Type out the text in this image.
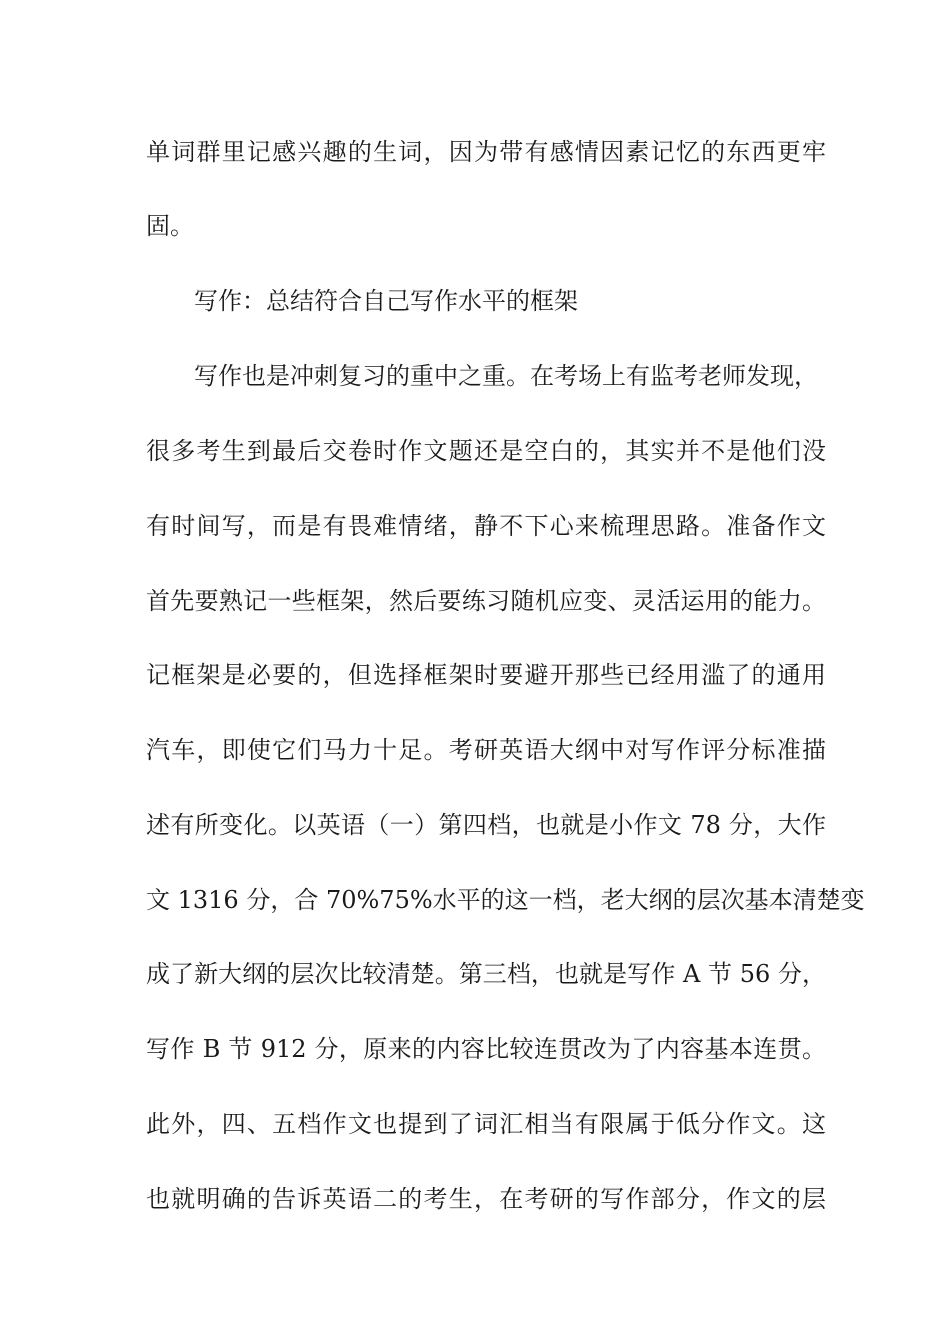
单词群里记感兴趣的生词，因为带有感情因素记忆的东西更牢
固。
写作：总结符合自己写作水平的框架
写作也是冲刺复习的重中之重。在考场上有监考老师发现，
很多考生到最后交卷时作文题还是空白的，其实并不是他们没
有时间写，而是有畏难情绪，静不下心来梳理思路。准备作文
首先要熟记一些框架，然后要练习随机应变、灵活运用的能力。
记框架是必要的，但选择框架时要避开那些已经用滥了的通用
汽车，即使它们马力十足。考研英语大纲中对写作评分标准描
述有所变化。以英语（一）第四档，也就是小作文 78 分，大作
文 1316 分，合 70%75%水平的这一档，老大纲的层次基本清楚变
成了新大纲的层次比较清楚。第三档，也就是写作 A 节 56 分，
写作 B 节 912 分，原来的内容比较连贯改为了内容基本连贯。
此外，四、五档作文也提到了词汇相当有限属于低分作文。这
也就明确的告诉英语二的考生，在考研的写作部分，作文的层
